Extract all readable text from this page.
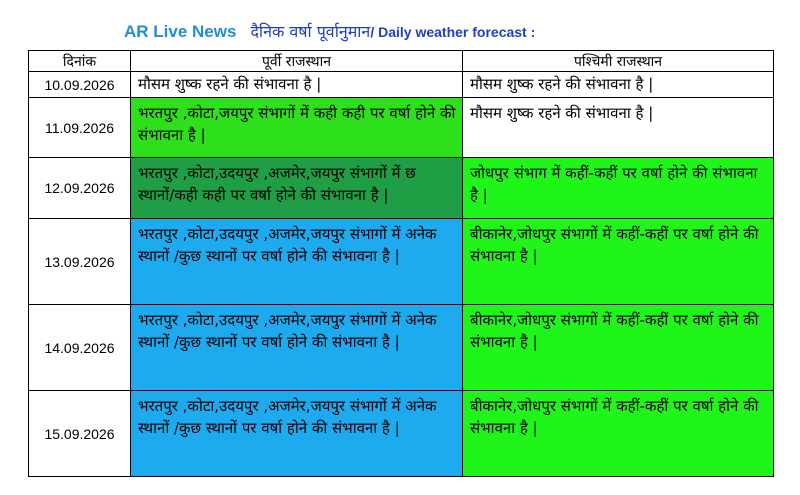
AR Live News दैनिक वर्षा पूर्वानुमान / Daily weather forecast :
दिनांक	पूर्वी राजस्थान	पश्चिमी राजस्थान
10.09.2026	मौसम शुष्क रहने की संभावना है |	मौसम शुष्क रहने की संभावना है |
11.09.2026	भरतपुर ,कोटा,जयपुर संभागों में कही कही पर वर्षा होने की संभावना है |	मौसम शुष्क रहने की संभावना है |
12.09.2026	भरतपुर ,कोटा,उदयपुर ,अजमेर,जयपुर संभागों में छ स्थानों/कही कही पर वर्षा होने की संभावना है |	जोधपुर संभाग में कहीं-कहीं पर वर्षा होने की संभावना है |
13.09.2026	भरतपुर ,कोटा,उदयपुर ,अजमेर,जयपुर संभागों में अनेक स्थानों /कुछ स्थानों पर वर्षा होने की संभावना है |	बीकानेर,जोधपुर संभागों में कहीं-कहीं पर वर्षा होने की संभावना है |
14.09.2026	भरतपुर ,कोटा,उदयपुर ,अजमेर,जयपुर संभागों में अनेक स्थानों /कुछ स्थानों पर वर्षा होने की संभावना है |	बीकानेर,जोधपुर संभागों में कहीं-कहीं पर वर्षा होने की संभावना है |
15.09.2026	भरतपुर ,कोटा,उदयपुर ,अजमेर,जयपुर संभागों में अनेक स्थानों /कुछ स्थानों पर वर्षा होने की संभावना है |	बीकानेर,जोधपुर संभागों में कहीं-कहीं पर वर्षा होने की संभावना है |
